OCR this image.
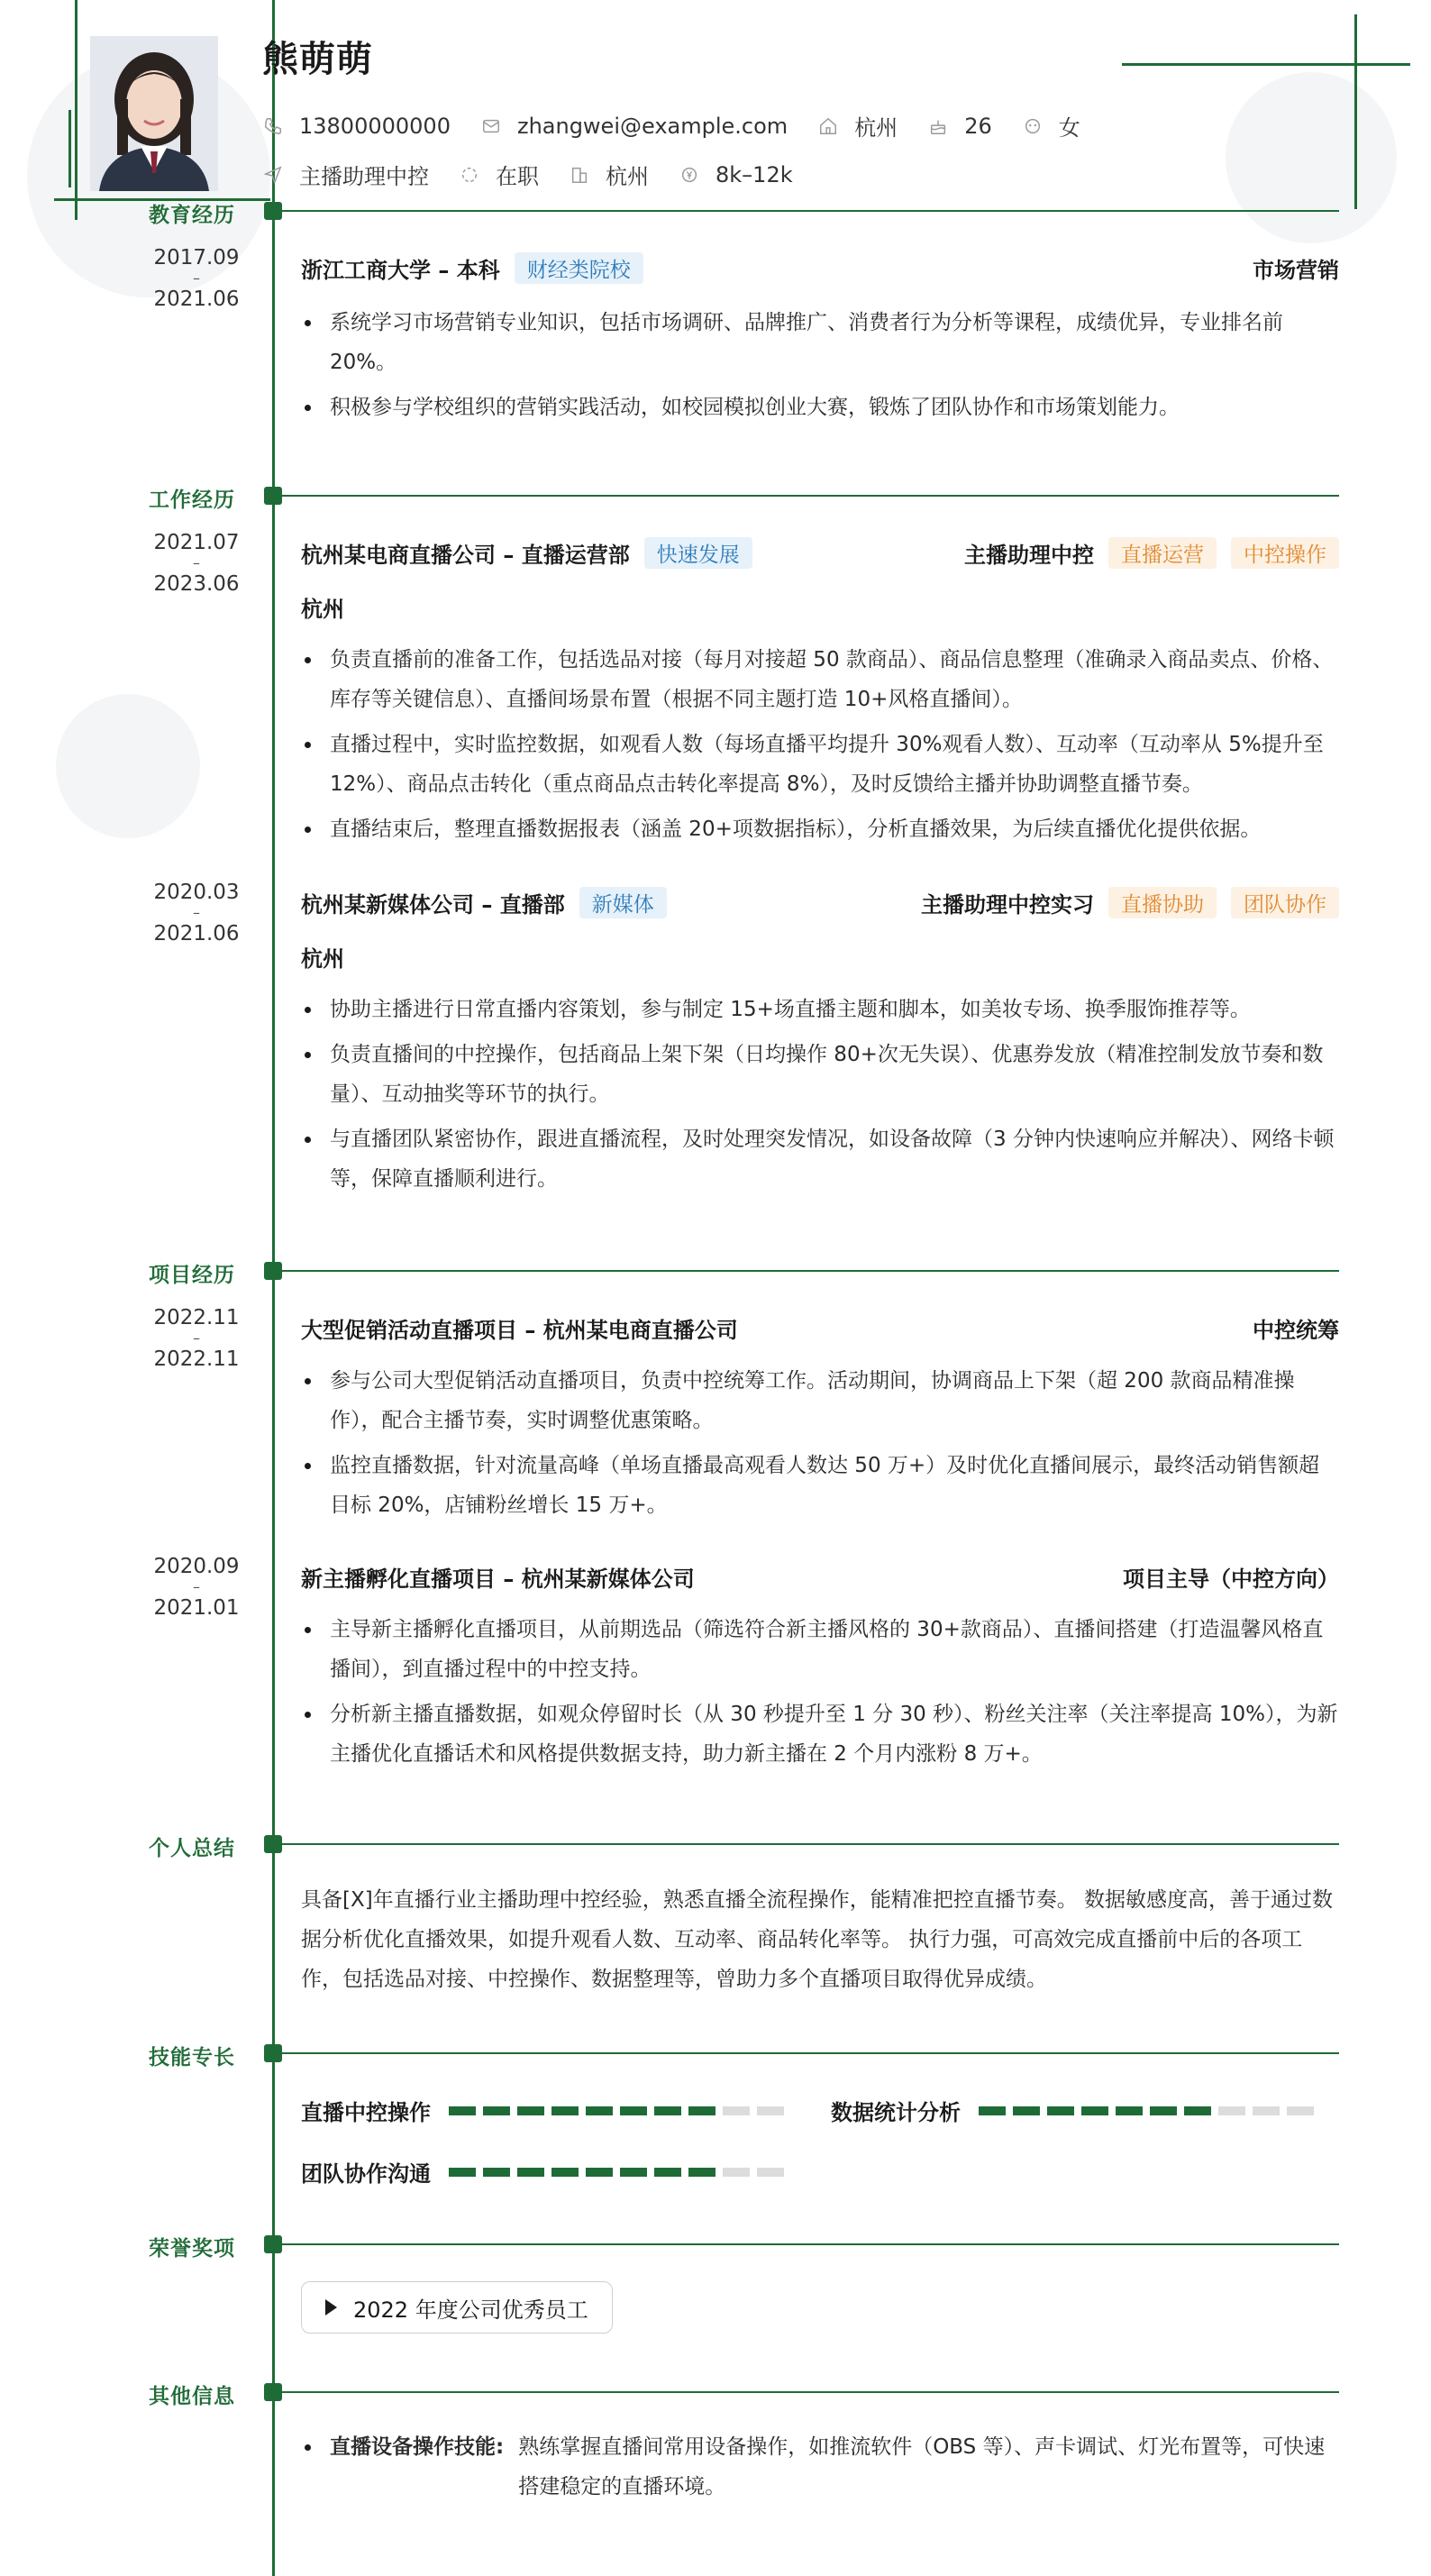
熊萌萌
13800000000	zhangwei@example.com	杭州	26	女
主播助理中控	在职	杭州	8k–12k
教育经历
2017.09
–
2021.06
浙江工商大学 – 本科	财经类院校	市场营销
系统学习市场营销专业知识，包括市场调研、品牌推广、消费者行为分析等课程，成绩优异，专业排名前 20%。
积极参与学校组织的营销实践活动，如校园模拟创业大赛，锻炼了团队协作和市场策划能力。
工作经历
2021.07
–
2023.06
杭州某电商直播公司 – 直播运营部	快速发展	主播助理中控	直播运营	中控操作
杭州
负责直播前的准备工作，包括选品对接（每月对接超 50 款商品）、商品信息整理（准确录入商品卖点、价格、库存等关键信息）、直播间场景布置（根据不同主题打造 10+风格直播间）。
直播过程中，实时监控数据，如观看人数（每场直播平均提升 30%观看人数）、互动率（互动率从 5%提升至 12%）、商品点击转化（重点商品点击转化率提高 8%），及时反馈给主播并协助调整直播节奏。
直播结束后，整理直播数据报表（涵盖 20+项数据指标），分析直播效果，为后续直播优化提供依据。
2020.03
–
2021.06
杭州某新媒体公司 – 直播部	新媒体	主播助理中控实习	直播协助	团队协作
杭州
协助主播进行日常直播内容策划，参与制定 15+场直播主题和脚本，如美妆专场、换季服饰推荐等。
负责直播间的中控操作，包括商品上架下架（日均操作 80+次无失误）、优惠券发放（精准控制发放节奏和数量）、互动抽奖等环节的执行。
与直播团队紧密协作，跟进直播流程，及时处理突发情况，如设备故障（3 分钟内快速响应并解决）、网络卡顿等，保障直播顺利进行。
项目经历
2022.11
–
2022.11
大型促销活动直播项目 – 杭州某电商直播公司	中控统筹
参与公司大型促销活动直播项目，负责中控统筹工作。活动期间，协调商品上下架（超 200 款商品精准操作），配合主播节奏，实时调整优惠策略。
监控直播数据，针对流量高峰（单场直播最高观看人数达 50 万+）及时优化直播间展示，最终活动销售额超目标 20%，店铺粉丝增长 15 万+。
2020.09
–
2021.01
新主播孵化直播项目 – 杭州某新媒体公司	项目主导（中控方向）
主导新主播孵化直播项目，从前期选品（筛选符合新主播风格的 30+款商品）、直播间搭建（打造温馨风格直播间），到直播过程中的中控支持。
分析新主播直播数据，如观众停留时长（从 30 秒提升至 1 分 30 秒）、粉丝关注率（关注率提高 10%），为新主播优化直播话术和风格提供数据支持，助力新主播在 2 个月内涨粉 8 万+。
个人总结
具备[X]年直播行业主播助理中控经验，熟悉直播全流程操作，能精准把控直播节奏。 数据敏感度高，善于通过数据分析优化直播效果，如提升观看人数、互动率、商品转化率等。 执行力强，可高效完成直播前中后的各项工作，包括选品对接、中控操作、数据整理等，曾助力多个直播项目取得优异成绩。
技能专长
直播中控操作	数据统计分析
团队协作沟通
荣誉奖项
2022 年度公司优秀员工
其他信息
直播设备操作技能: 熟练掌握直播间常用设备操作，如推流软件（OBS 等）、声卡调试、灯光布置等，可快速搭建稳定的直播环境。
